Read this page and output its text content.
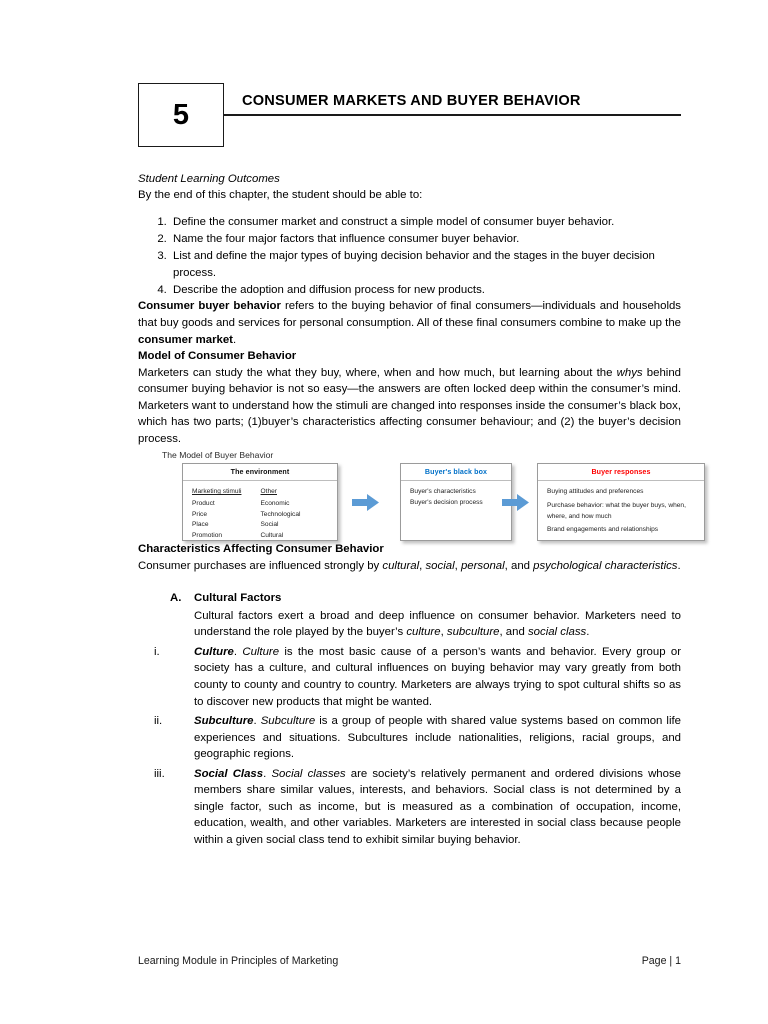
5	CONSUMER MARKETS AND BUYER BEHAVIOR
Student Learning Outcomes
By the end of this chapter, the student should be able to:
1. Define the consumer market and construct a simple model of consumer buyer behavior.
2. Name the four major factors that influence consumer buyer behavior.
3. List and define the major types of buying decision behavior and the stages in the buyer decision process.
4. Describe the adoption and diffusion process for new products.

Consumer buyer behavior refers to the buying behavior of final consumers—individuals and households that buy goods and services for personal consumption. All of these final consumers combine to make up the consumer market.

Model of Consumer Behavior

Marketers can study the what they buy, where, when and how much, but learning about the whys behind consumer buying behavior is not so easy—the answers are often locked deep within the consumer’s mind. Marketers want to understand how the stimuli are changed into responses inside the consumer’s black box, which has two parts; (1)buyer’s characteristics affecting consumer behaviour; and (2) the buyer’s decision process.

The Model of Buyer Behavior
The environment
Marketing stimuli
Product
Price
Place
Promotion
Other
Economic
Technological
Social
Cultural
Buyer's black box
Buyer's characteristics
Buyer's decision process
Buyer responses
Buying attitudes and preferences
Purchase behavior: what the buyer buys, when, where, and how much
Brand engagements and relationships
Characteristics Affecting Consumer Behavior

Consumer purchases are influenced strongly by cultural, social, personal, and psychological characteristics.

A. Cultural Factors

Cultural factors exert a broad and deep influence on consumer behavior. Marketers need to understand the role played by the buyer’s culture, subculture, and social class.

i.	Culture. Culture is the most basic cause of a person’s wants and behavior. Every group or society has a culture, and cultural influences on buying behavior may vary greatly from both county to county and country to country. Marketers are always trying to spot cultural shifts so as to discover new products that might be wanted.

ii.	Subculture. Subculture is a group of people with shared value systems based on common life experiences and situations. Subcultures include nationalities, religions, racial groups, and geographic regions.

iii.	Social Class. Social classes are society’s relatively permanent and ordered divisions whose members share similar values, interests, and behaviors. Social class is not determined by a single factor, such as income, but is measured as a combination of occupation, income, education, wealth, and other variables. Marketers are interested in social class because people within a given social class tend to exhibit similar buying behavior.

Learning Module in Principles of Marketing	Page | 1
